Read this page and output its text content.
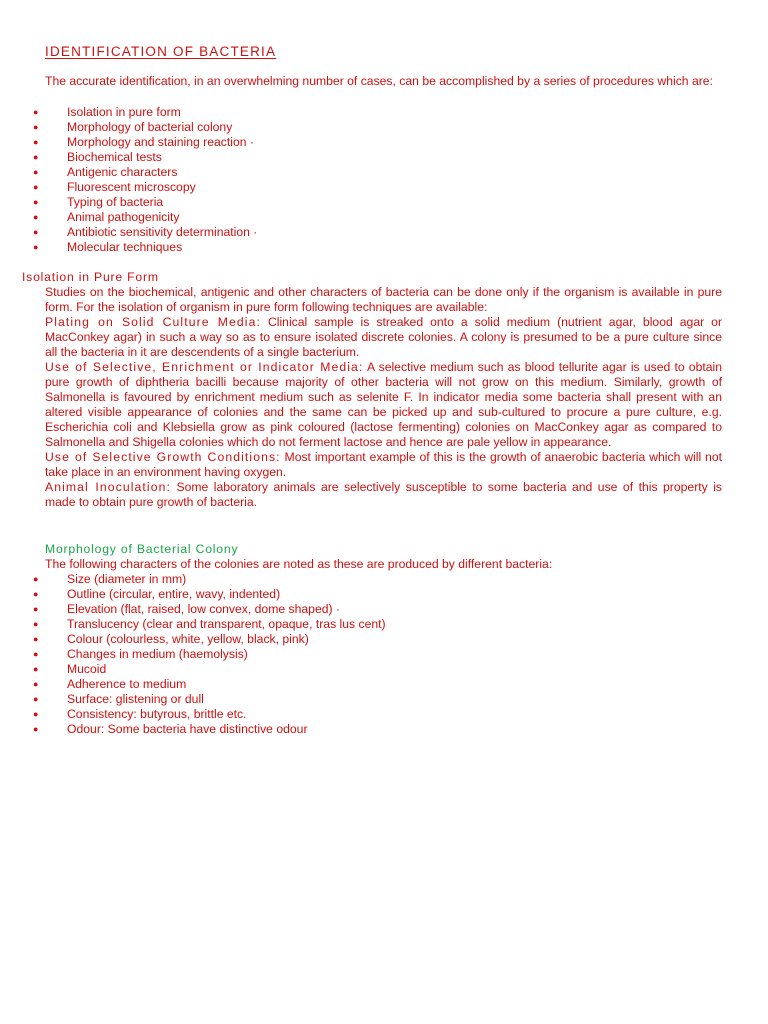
IDENTIFICATION OF BACTERIA

The accurate identification, in an overwhelming number of cases, can be accomplished by a series of procedures which are:

● Isolation in pure form
● Morphology of bacterial colony
● Morphology and staining reaction ·
● Biochemical tests
● Antigenic characters
● Fluorescent microscopy
● Typing of bacteria
● Animal pathogenicity
● Antibiotic sensitivity determination ·
● Molecular techniques
Isolation in Pure Form

Studies on the biochemical, antigenic and other characters of bacteria can be done only if the organism is available in pure form. For the isolation of organism in pure form following techniques are available:

Plating on Solid Culture Media: Clinical sample is streaked onto a solid medium (nutrient agar, blood agar or MacConkey agar) in such a way so as to ensure isolated discrete colonies. A colony is presumed to be a pure culture since all the bacteria in it are descendents of a single bacterium.

Use of Selective, Enrichment or Indicator Media: A selective medium such as blood tellurite agar is used to obtain pure growth of diphtheria bacilli because majority of other bacteria will not grow on this medium. Similarly, growth of Salmonella is favoured by enrichment medium such as selenite F. In indicator media some bacteria shall present with an altered visible appearance of colonies and the same can be picked up and sub-cultured to procure a pure culture, e.g. Escherichia coli and Klebsiella grow as pink coloured (lactose fermenting) colonies on MacConkey agar as compared to Salmonella and Shigella colonies which do not ferment lactose and hence are pale yellow in appearance.

Use of Selective Growth Conditions: Most important example of this is the growth of anaerobic bacteria which will not take place in an environment having oxygen.

Animal Inoculation: Some laboratory animals are selectively susceptible to some bacteria and use of this property is made to obtain pure growth of bacteria.

Morphology of Bacterial Colony

The following characters of the colonies are noted as these are produced by different bacteria:

● Size (diameter in mm)
● Outline (circular, entire, wavy, indented)
● Elevation (flat, raised, low convex, dome shaped) ·
● Translucency (clear and transparent, opaque, tras lus cent)
● Colour (colourless, white, yellow, black, pink)
● Changes in medium (haemolysis)
● Mucoid
● Adherence to medium
● Surface: glistening or dull
● Consistency: butyrous, brittle etc.
● Odour: Some bacteria have distinctive odour
